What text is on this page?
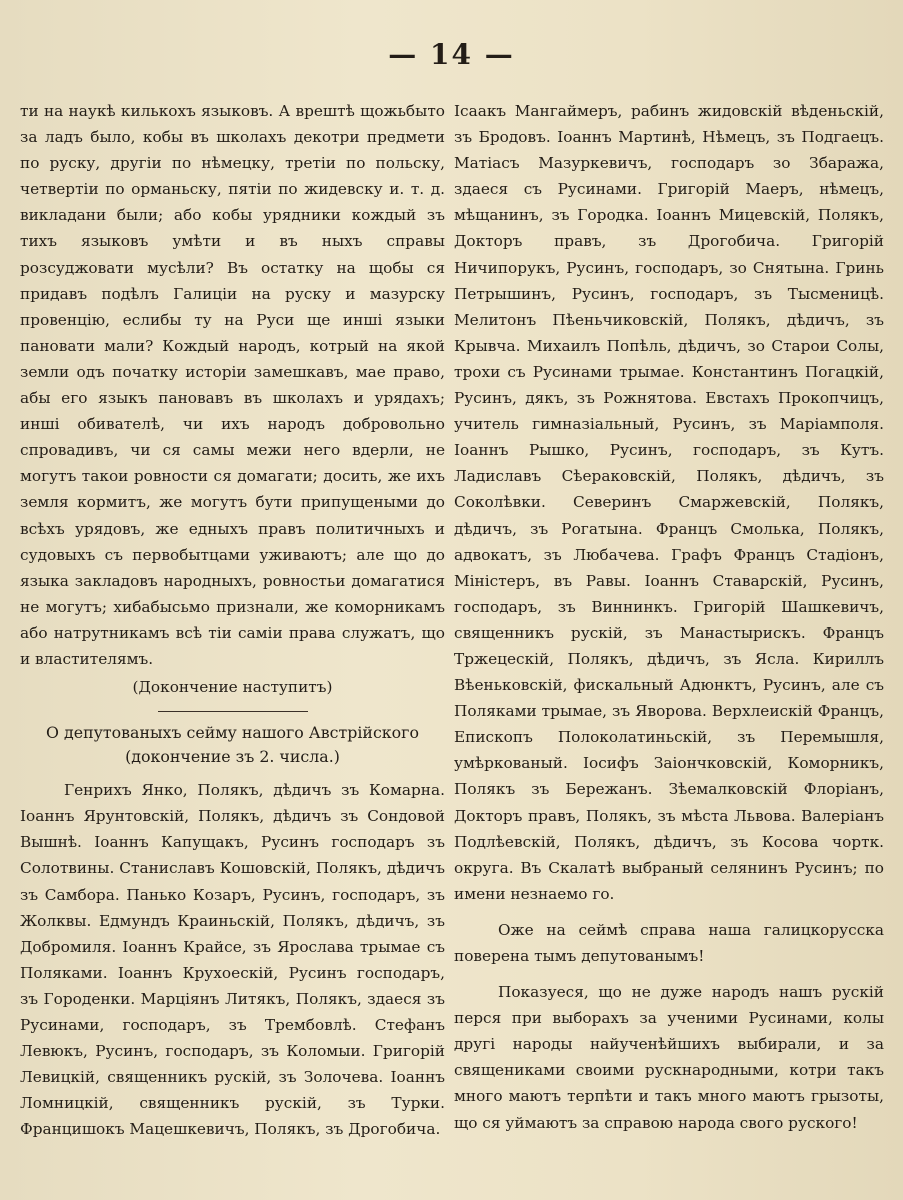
— 14 —

ти на наукѣ килькохъ языковъ. А врештѣ щожьбыто за ладъ было, кобы въ школахъ декотри предмети по руску, другiи по нѣмецку, третiи по польску, четвертiи по орманьску, пятiи по жидевску и. т. д. викладани были; або кобы урядники кождый зъ тихъ языковъ умѣти и въ ныхъ справы розсуджовати мусѣли? Въ остатку на щобы ся придавъ подѣлъ Галицiи на руску и мазурску провенцiю, еслибы ту на Руси ще иншi языки пановати мали? Кождый народъ, котрый на якой земли одъ початку исторiи замешкавъ, мае право, абы его языкъ пановавъ въ школахъ и урядахъ; иншi обивателѣ, чи ихъ народъ добровольно спровадивъ, чи ся самы межи него вдерли, не могутъ такои ровности ся домагати; досить, же ихъ земля кормитъ, же могутъ бути припущеными до всѣхъ урядовъ, же едныхъ правъ политичныхъ и судовыхъ съ первобытцами уживаютъ; але що до языка закладовъ народныхъ, ровностьи домагатися не могутъ; хибабысьмо признали, же коморникамъ або натрутникамъ всѣ тiи самiи права служатъ, що и властителямъ.

(Докончение наступитъ)

О депутованыхъ сейму нашого Австрiйского
(докончение зъ 2. числа.)

Генрихъ Янко, Полякъ, дѣдичъ зъ Комарна. Iоаннъ Ярунтовскiй, Полякъ, дѣдичъ зъ Сондовой Вышнѣ. Iоаннъ Капущакъ, Русинъ господаръ зъ Солотвины. Станиславъ Кошовскiй, Полякъ, дѣдичъ зъ Самбора. Панько Козаръ, Русинъ, господаръ, зъ Жолквы. Едмундъ Краиньскiй, Полякъ, дѣдичъ, зъ Добромиля. Iоаннъ Крайсе, зъ Ярослава трымае съ Поляками. Iоаннъ Крухоескiй, Русинъ господаръ, зъ Городенки. Марцiянъ Литякъ, Полякъ, здаеся зъ Русинами, господаръ, зъ Трембовлѣ. Стефанъ Левюкъ, Русинъ, господаръ, зъ Коломыи. Григорiй Левицкiй, священникъ рускiй, зъ Золочева. Iоаннъ Ломницкiй, священникъ рускiй, зъ Турки. Францишокъ Мацешкевичъ, Полякъ, зъ Дрогобича.

Iсаакъ Мангаймеръ, рабинъ жидовскiй вѣденьскiй, зъ Бродовъ. Iоаннъ Мартинѣ, Нѣмецъ, зъ Подгаецъ. Матiасъ Мазуркевичъ, господаръ зо Збаража, здаеся съ Русинами. Григорiй Маеръ, нѣмецъ, мѣщанинъ, зъ Городка. Iоаннъ Мицевскiй, Полякъ, Докторъ правъ, зъ Дрогобича. Григорiй Ничипорукъ, Русинъ, господаръ, зо Снятына. Гринь Петрышинъ, Русинъ, господаръ, зъ Тысменицѣ. Мелитонъ Пѣеньчиковскiй, Полякъ, дѣдичъ, зъ Крывча. Михаилъ Попѣль, дѣдичъ, зо Старои Солы, трохи съ Русинами трымае. Константинъ Погацкiй, Русинъ, дякъ, зъ Рожнятова. Евстахъ Прокопчицъ, учитель гимназiальный, Русинъ, зъ Марiамполя. Iоаннъ Рышко, Русинъ, господаръ, зъ Кутъ. Ладиславъ Сѣераковскiй, Полякъ, дѣдичъ, зъ Соколѣвки. Северинъ Смаржевскiй, Полякъ, дѣдичъ, зъ Рогатына. Францъ Смолька, Полякъ, адвокатъ, зъ Любачева. Графъ Францъ Стадiонъ, Мiнiстеръ, въ Равы. Iоаннъ Ставарскiй, Русинъ, господаръ, зъ Виннинкъ. Григорiй Шашкевичъ, священникъ рускiй, зъ Манастырискъ. Францъ Тржецескiй, Полякъ, дѣдичъ, зъ Ясла. Кириллъ Вѣеньковскiй, фискальный Адюнктъ, Русинъ, але съ Поляками трымае, зъ Яворова. Верхлеискiй Францъ, Епископъ Полоколатиньскiй, зъ Перемышля, умѣркованый. Iосифъ Заiончковскiй, Коморникъ, Полякъ зъ Бережанъ. Зѣемалковскiй Флорiанъ, Докторъ правъ, Полякъ, зъ мѣста Львова. Валерiанъ Подлѣевскiй, Полякъ, дѣдичъ, зъ Косова чортк. округа. Въ Скалатѣ выбраный селянинъ Русинъ; по имени незнаемо го.

Оже на сеймѣ справа наша галицкорусскa поверена тымъ депутованымъ!

Показуеся, що не дуже народъ нашъ рускiй перся при выборахъ за ученими Русинами, колы другi народы найученѣйшихъ выбирали, и за священиками своими рускнародными, котри такъ много маютъ терпѣти и такъ много маютъ грызоты, що ся уймаютъ за справою народа свого руского!
